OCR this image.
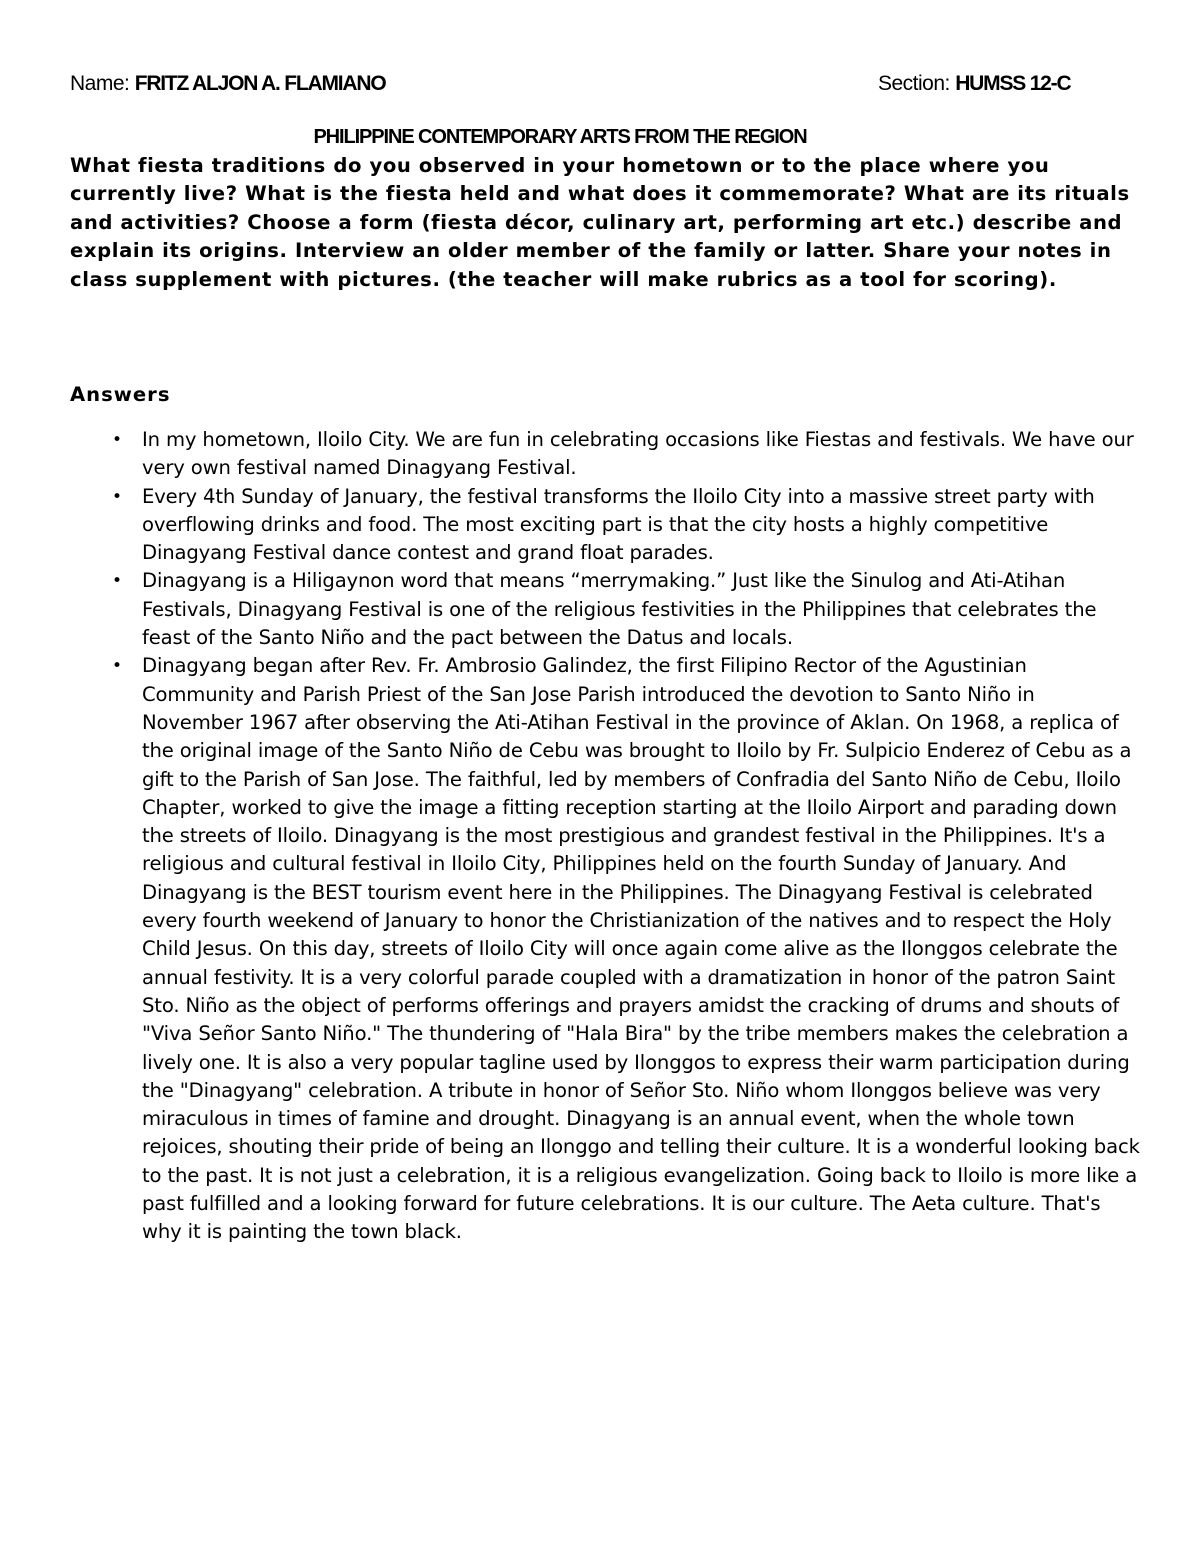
Name: FRITZ ALJON A. FLAMIANO	Section: HUMSS 12-C
PHILIPPINE CONTEMPORARY ARTS FROM THE REGION

What fiesta traditions do you observed in your hometown or to the place where you currently live? What is the fiesta held and what does it commemorate? What are its rituals and activities? Choose a form (fiesta décor, culinary art, performing art etc.) describe and explain its origins. Interview an older member of the family or latter. Share your notes in class supplement with pictures. (the teacher will make rubrics as a tool for scoring).

Answers

• In my hometown, Iloilo City. We are fun in celebrating occasions like Fiestas and festivals. We have our very own festival named Dinagyang Festival.
• Every 4th Sunday of January, the festival transforms the Iloilo City into a massive street party with overflowing drinks and food. The most exciting part is that the city hosts a highly competitive Dinagyang Festival dance contest and grand float parades.
• Dinagyang is a Hiligaynon word that means “merrymaking.” Just like the Sinulog and Ati-Atihan Festivals, Dinagyang Festival is one of the religious festivities in the Philippines that celebrates the feast of the Santo Niño and the pact between the Datus and locals.
• Dinagyang began after Rev. Fr. Ambrosio Galindez, the first Filipino Rector of the Agustinian Community and Parish Priest of the San Jose Parish introduced the devotion to Santo Niño in November 1967 after observing the Ati-Atihan Festival in the province of Aklan. On 1968, a replica of the original image of the Santo Niño de Cebu was brought to Iloilo by Fr. Sulpicio Enderez of Cebu as a gift to the Parish of San Jose. The faithful, led by members of Confradia del Santo Niño de Cebu, Iloilo Chapter, worked to give the image a fitting reception starting at the Iloilo Airport and parading down the streets of Iloilo. Dinagyang is the most prestigious and grandest festival in the Philippines. It's a religious and cultural festival in Iloilo City, Philippines held on the fourth Sunday of January. And Dinagyang is the BEST tourism event here in the Philippines. The Dinagyang Festival is celebrated every fourth weekend of January to honor the Christianization of the natives and to respect the Holy Child Jesus. On this day, streets of Iloilo City will once again come alive as the Ilonggos celebrate the annual festivity. It is a very colorful parade coupled with a dramatization in honor of the patron Saint Sto. Niño as the object of performs offerings and prayers amidst the cracking of drums and shouts of "Viva Señor Santo Niño." The thundering of "Hala Bira" by the tribe members makes the celebration a lively one. It is also a very popular tagline used by Ilonggos to express their warm participation during the "Dinagyang" celebration. A tribute in honor of Señor Sto. Niño whom Ilonggos believe was very miraculous in times of famine and drought. Dinagyang is an annual event, when the whole town rejoices, shouting their pride of being an Ilonggo and telling their culture. It is a wonderful looking back to the past. It is not just a celebration, it is a religious evangelization. Going back to Iloilo is more like a past fulfilled and a looking forward for future celebrations. It is our culture. The Aeta culture. That's why it is painting the town black.
